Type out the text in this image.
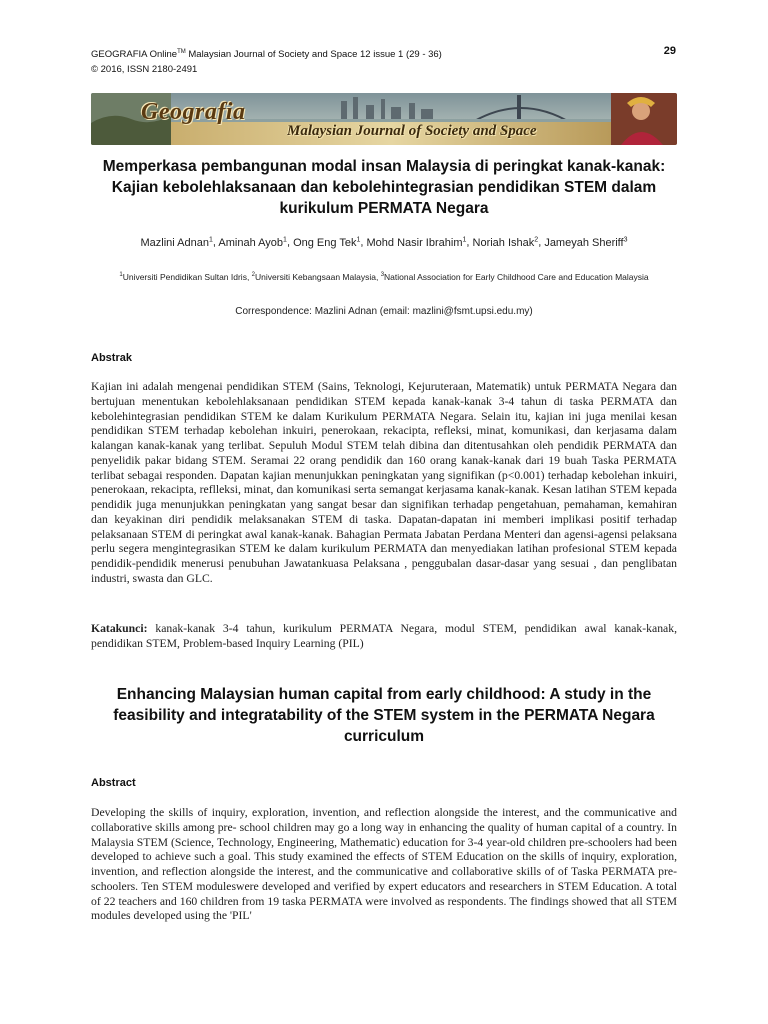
GEOGRAFIA Online™ Malaysian Journal of Society and Space 12 issue 1 (29 - 36)
© 2016, ISSN 2180-2491
29
Geografia
Malaysian Journal of Society and Space
Memperkasa pembangunan modal insan Malaysia di peringkat kanak-kanak: Kajian kebolehlaksanaan dan kebolehintegrasian pendidikan STEM dalam kurikulum PERMATA Negara
Mazlini Adnan$^1$, Aminah Ayob$^1$, Ong Eng Tek$^1$, Mohd Nasir Ibrahim$^1$, Noriah Ishak$^2$, Jameyah Sheriff$^3$
$^1$Universiti Pendidikan Sultan Idris, $^2$Universiti Kebangsaan Malaysia, $^3$National Association for Early Childhood Care and Education Malaysia
Correspondence: Mazlini Adnan (email: mazlini@fsmt.upsi.edu.my)
Abstrak
Kajian ini adalah mengenai pendidikan STEM (Sains, Teknologi, Kejuruteraan, Matematik) untuk PERMATA Negara dan bertujuan menentukan kebolehlaksanaan pendidikan STEM kepada kanak-kanak 3-4 tahun di taska PERMATA dan kebolehintegrasian pendidikan STEM ke dalam Kurikulum PERMATA Negara. Selain itu, kajian ini juga menilai kesan pendidikan STEM terhadap kebolehan inkuiri, penerokaan, rekacipta, refleksi, minat, komunikasi, dan kerjasama dalam kalangan kanak-kanak yang terlibat. Sepuluh Modul STEM telah dibina dan ditentusahkan oleh pendidik PERMATA dan penyelidik pakar bidang STEM. Seramai 22 orang pendidik dan 160 orang kanak-kanak dari 19 buah Taska PERMATA terlibat sebagai responden. Dapatan kajian menunjukkan peningkatan yang signifikan (p<0.001) terhadap kebolehan inkuiri, penerokaan, rekacipta, reflleksi, minat, dan komunikasi serta semangat kerjasama kanak-kanak. Kesan latihan STEM kepada pendidik juga menunjukkan peningkatan yang sangat besar dan signifikan terhadap pengetahuan, pemahaman, kemahiran dan keyakinan diri pendidik melaksanakan STEM di taska. Dapatan-dapatan ini memberi implikasi positif terhadap pelaksanaan STEM di peringkat awal kanak-kanak. Bahagian Permata Jabatan Perdana Menteri dan agensi-agensi pelaksana perlu segera mengintegrasikan STEM ke dalam kurikulum PERMATA dan menyediakan latihan profesional STEM kepada pendidik-pendidik menerusi penubuhan Jawatankuasa Pelaksana , penggubalan dasar-dasar yang sesuai , dan penglibatan industri, swasta dan GLC.
Katakunci: kanak-kanak 3-4 tahun, kurikulum PERMATA Negara, modul STEM, pendidikan awal kanak-kanak, pendidikan STEM, Problem-based Inquiry Learning (PIL)
Enhancing Malaysian human capital from early childhood: A study in the feasibility and integratability of the STEM system in the PERMATA Negara curriculum
Abstract
Developing the skills of inquiry, exploration, invention, and reflection alongside the interest, and the communicative and collaborative skills among pre- school children may go a long way in enhancing the quality of human capital of a country. In Malaysia STEM (Science, Technology, Engineering, Mathematic) education for 3-4 year-old children pre-schoolers had been developed to achieve such a goal. This study examined the effects of STEM Education on the skills of inquiry, exploration, invention, and reflection alongside the interest, and the communicative and collaborative skills of of Taska PERMATA pre-schoolers. Ten STEM moduleswere developed and verified by expert educators and researchers in STEM Education. A total of 22 teachers and 160 children from 19 taska PERMATA were involved as respondents. The findings showed that all STEM modules developed using the 'PIL'
